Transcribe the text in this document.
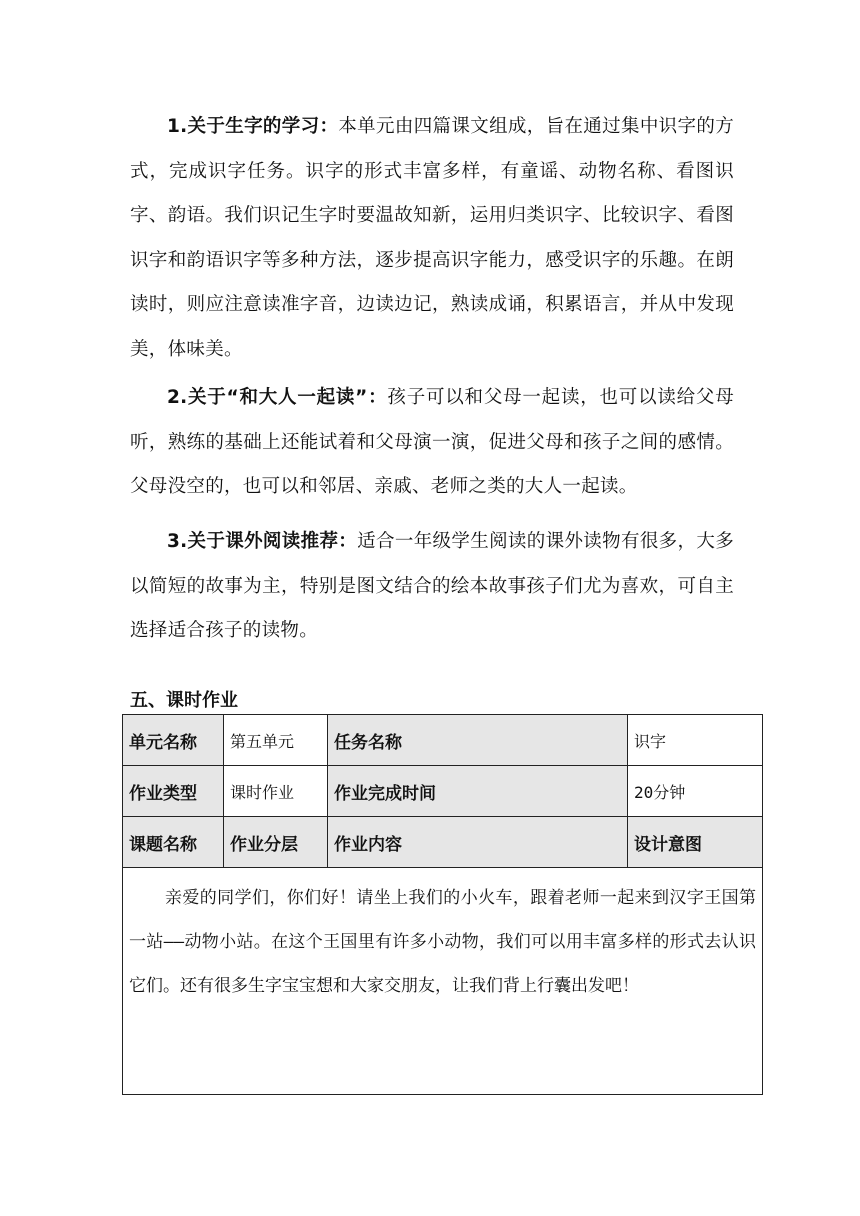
1.关于生字的学习：本单元由四篇课文组成，旨在通过集中识字的方式，完成识字任务。识字的形式丰富多样，有童谣、动物名称、看图识字、韵语。我们识记生字时要温故知新，运用归类识字、比较识字、看图识字和韵语识字等多种方法，逐步提高识字能力，感受识字的乐趣。在朗读时，则应注意读准字音，边读边记，熟读成诵，积累语言，并从中发现美，体味美。

2.关于“和大人一起读”：孩子可以和父母一起读，也可以读给父母听，熟练的基础上还能试着和父母演一演，促进父母和孩子之间的感情。父母没空的，也可以和邻居、亲戚、老师之类的大人一起读。

3.关于课外阅读推荐：适合一年级学生阅读的课外读物有很多，大多以简短的故事为主，特别是图文结合的绘本故事孩子们尤为喜欢，可自主选择适合孩子的读物。

五、课时作业
单元名称	第五单元	任务名称	识字
作业类型	课时作业	作业完成时间	20分钟
课题名称	作业分层	作业内容	设计意图
亲爱的同学们，你们好！请坐上我们的小火车，跟着老师一起来到汉字王国第一站——动物小站。在这个王国里有许多小动物，我们可以用丰富多样的形式去认识它们。还有很多生字宝宝想和大家交朋友，让我们背上行囊出发吧！			
